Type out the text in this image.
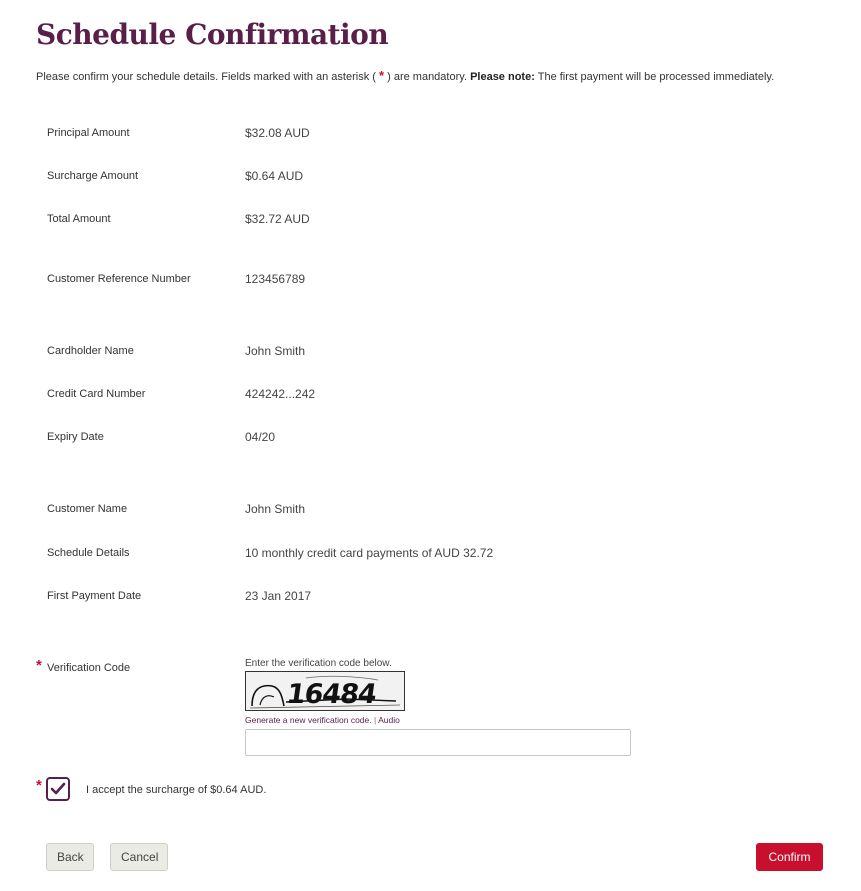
Schedule Confirmation

Please confirm your schedule details. Fields marked with an asterisk ( * ) are mandatory. Please note: The first payment will be processed immediately.

Principal Amount	$32.08 AUD
Surcharge Amount	$0.64 AUD
Total Amount	$32.72 AUD
Customer Reference Number	123456789
Cardholder Name	John Smith
Credit Card Number	424242...242
Expiry Date	04/20
Customer Name	John Smith
Schedule Details	10 monthly credit card payments of AUD 32.72
First Payment Date	23 Jan 2017
* Verification Code	Enter the verification code below.
16484
Generate a new verification code. | Audio
*	I accept the surcharge of $0.64 AUD.
Back	Cancel	Confirm
